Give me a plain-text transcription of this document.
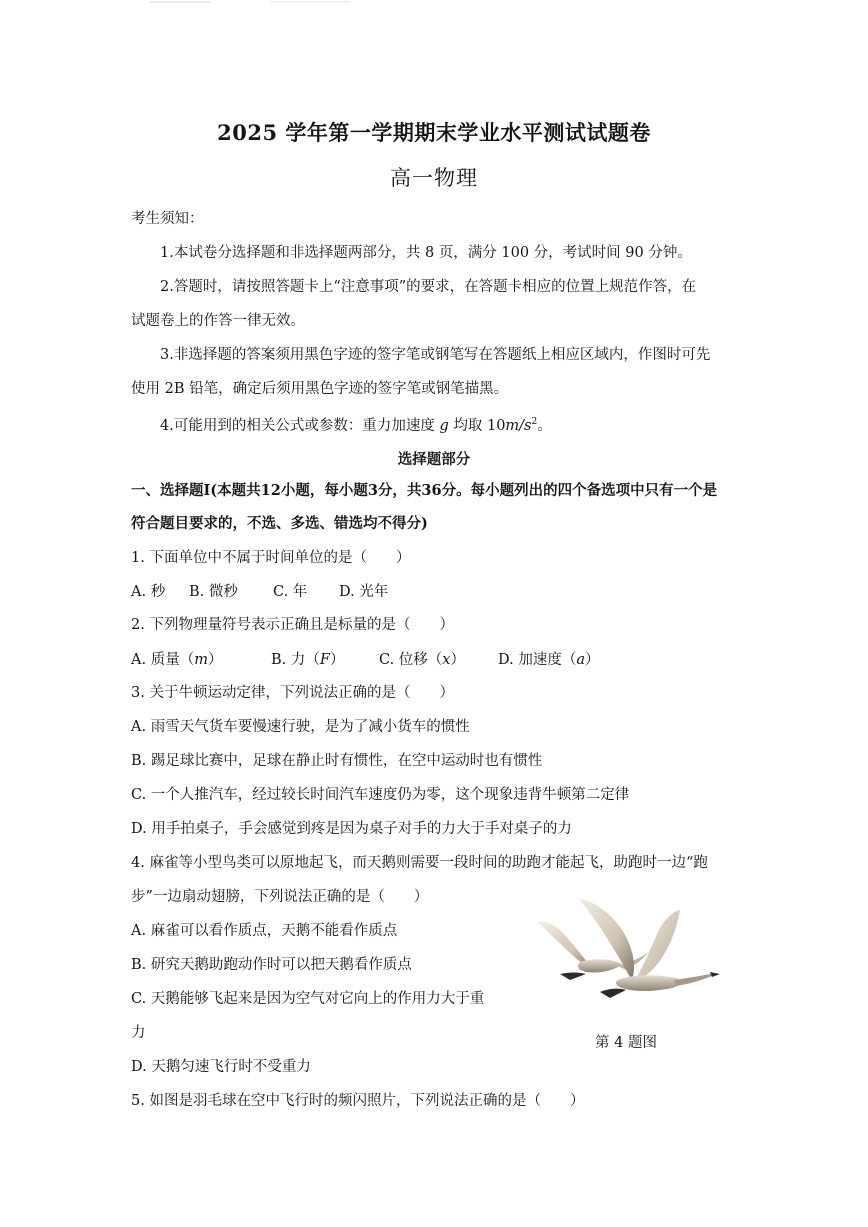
2025 学年第一学期期末学业水平测试试题卷
高一物理
考生须知：
1.本试卷分选择题和非选择题两部分，共 8 页，满分 100 分，考试时间 90 分钟。
2.答题时，请按照答题卡上“注意事项”的要求，在答题卡相应的位置上规范作答，在
试题卷上的作答一律无效。
3.非选择题的答案须用黑色字迹的签字笔或钢笔写在答题纸上相应区域内，作图时可先
使用 2B 铅笔，确定后须用黑色字迹的签字笔或钢笔描黑。
4.可能用到的相关公式或参数：重力加速度 g 均取 $10m/s^2$。
选择题部分
一、选择题Ⅰ(本题共12小题，每小题3分，共36分。每小题列出的四个备选项中只有一个是
符合题目要求的，不选、多选、错选均不得分)
1. 下面单位中不属于时间单位的是（　　）
A. 秒 B. 微秒 C. 年 D. 光年
2. 下列物理量符号表示正确且是标量的是（　　）
A. 质量（m）	B. 力（F） C. 位移（x） D. 加速度（a）
3. 关于牛顿运动定律，下列说法正确的是（　　）
A. 雨雪天气货车要慢速行驶，是为了减小货车的惯性
B. 踢足球比赛中，足球在静止时有惯性，在空中运动时也有惯性
C. 一个人推汽车，经过较长时间汽车速度仍为零，这个现象违背牛顿第二定律
D. 用手拍桌子，手会感觉到疼是因为桌子对手的力大于手对桌子的力
4. 麻雀等小型鸟类可以原地起飞，而天鹅则需要一段时间的助跑才能起飞，助跑时一边“跑
步”一边扇动翅膀，下列说法正确的是（　　）
A. 麻雀可以看作质点，天鹅不能看作质点
B. 研究天鹅助跑动作时可以把天鹅看作质点
C. 天鹅能够飞起来是因为空气对它向上的作用力大于重
力
D. 天鹅匀速飞行时不受重力
第 4 题图
5. 如图是羽毛球在空中飞行时的频闪照片，下列说法正确的是（　　）
